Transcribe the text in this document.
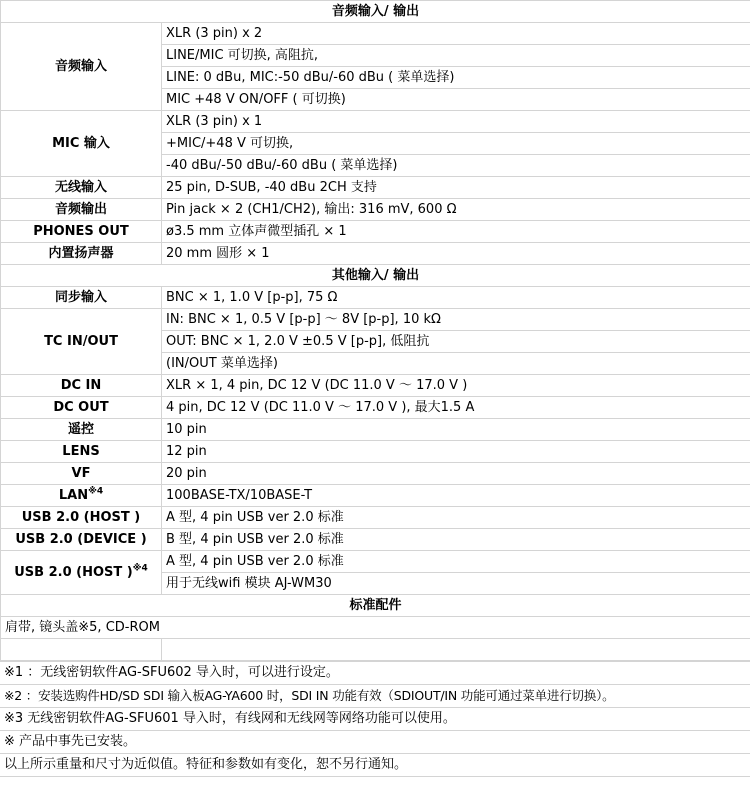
音频输入/ 输出	
音频输入	XLR (3 pin) x 2
	LINE/MIC 可切换, 高阻抗,
	LINE: 0 dBu, MIC:-50 dBu/-60 dBu ( 菜单选择)
	MIC +48 V ON/OFF ( 可切换)
MIC 输入	XLR (3 pin) x 1
	+MIC/+48 V 可切换,
	-40 dBu/-50 dBu/-60 dBu ( 菜单选择)
无线输入	25 pin, D-SUB, -40 dBu 2CH 支持
音频输出	Pin jack × 2 (CH1/CH2), 输出: 316 mV, 600 Ω
PHONES OUT	ø3.5 mm 立体声微型插孔 × 1
内置扬声器	20 mm 圆形 × 1
其他输入/ 输出	
同步输入	BNC × 1, 1.0 V [p-p], 75 Ω
TC IN/OUT	IN: BNC × 1, 0.5 V [p-p] ～ 8V [p-p], 10 kΩ
	OUT: BNC × 1, 2.0 V ±0.5 V [p-p], 低阻抗
	(IN/OUT 菜单选择)
DC IN	XLR × 1, 4 pin, DC 12 V (DC 11.0 V ～ 17.0 V )
DC OUT	4 pin, DC 12 V (DC 11.0 V ～ 17.0 V ), 最大1.5 A
遥控	10 pin
LENS	12 pin
VF	20 pin
LAN$^{※4}$	100BASE-TX/10BASE-T
USB 2.0 (HOST )	A 型, 4 pin USB ver 2.0 标准
USB 2.0 (DEVICE )	B 型, 4 pin USB ver 2.0 标准
USB 2.0 (HOST )$^{※4}$	A 型, 4 pin USB ver 2.0 标准
	用于无线wifi 模块 AJ-WM30
标准配件	
肩带, 镜头盖※5, CD-ROM	

※1 ：无线密钥软件AG-SFU602 导入时，可以进行设定。
※2 ：安装选购件HD/SD SDI 输入板AG-YA600 时，SDI IN 功能有效（SDIOUT/IN 功能可通过菜单进行切换）。
※3 无线密钥软件AG-SFU601 导入时，有线网和无线网等网络功能可以使用。
※ 产品中事先已安装。
以上所示重量和尺寸为近似值。特征和参数如有变化，恕不另行通知。
